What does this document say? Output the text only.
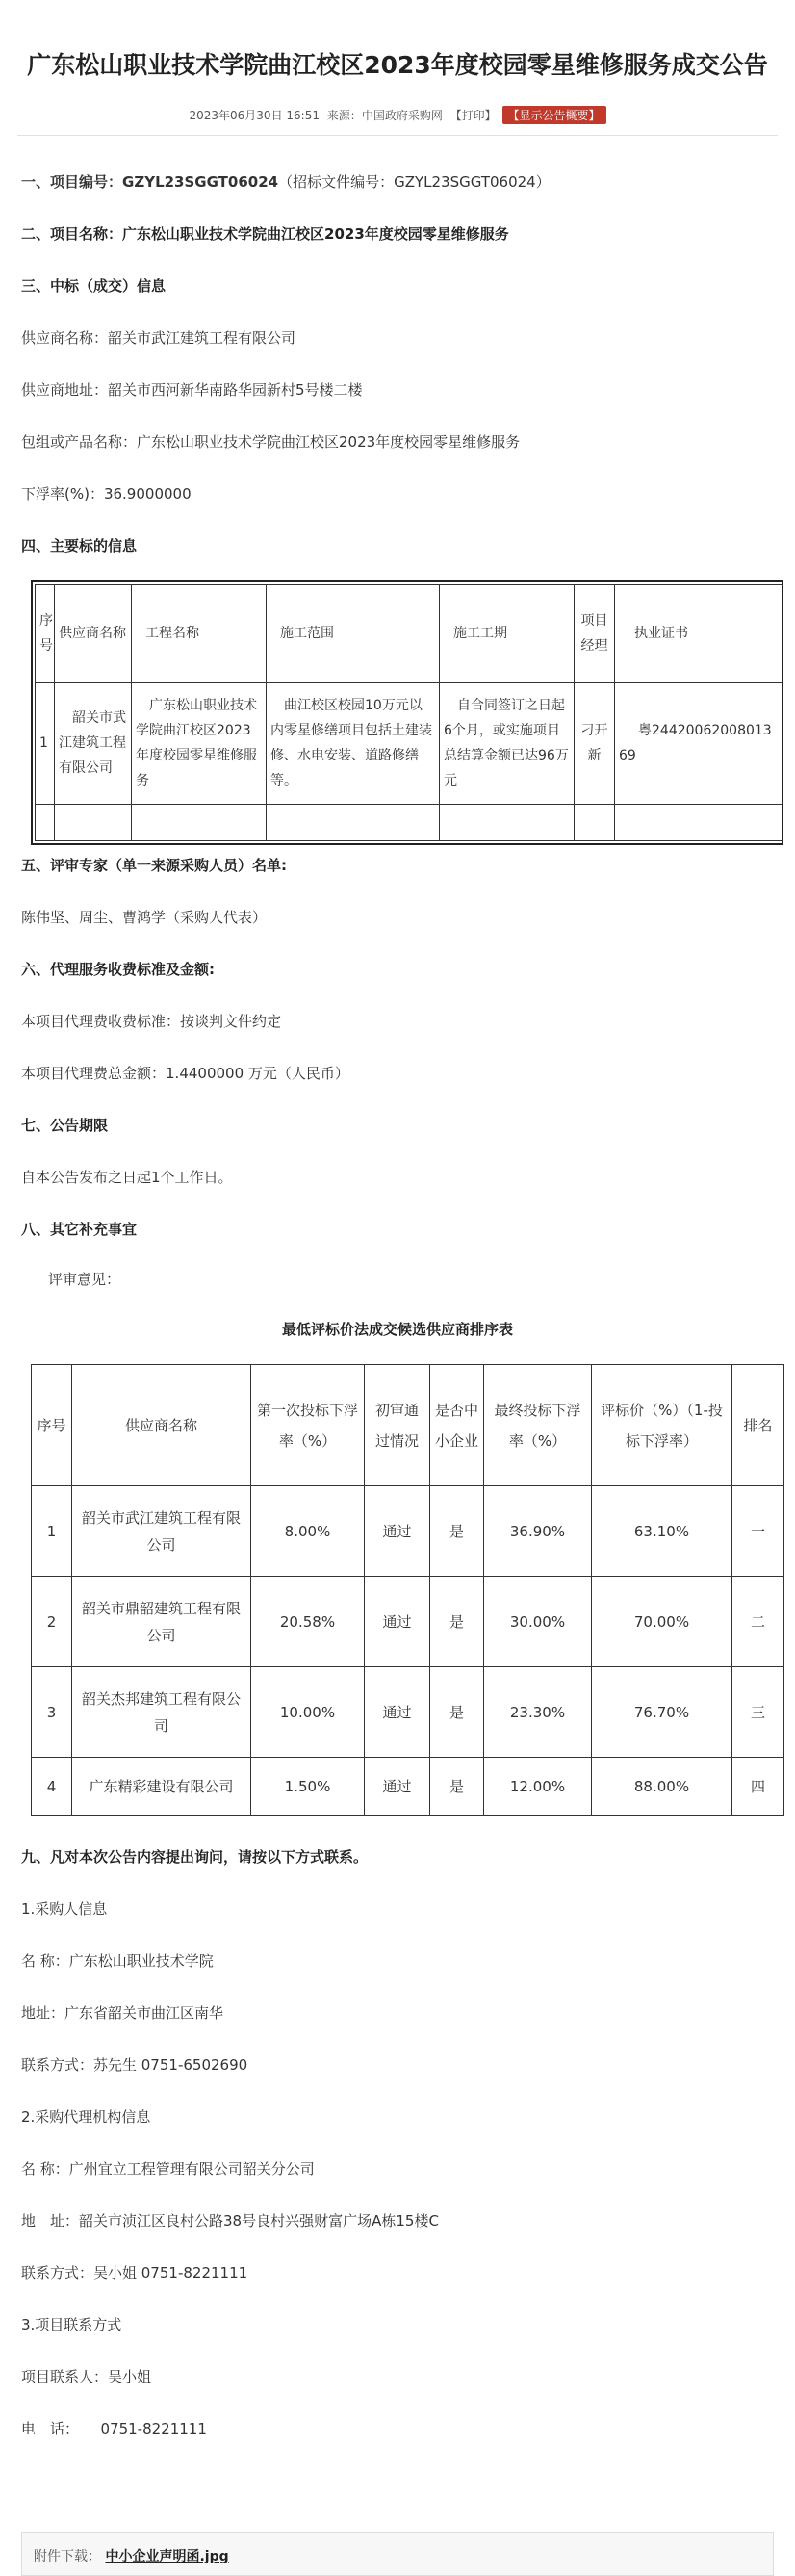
广东松山职业技术学院曲江校区2023年度校园零星维修服务成交公告
2023年06月30日 16:51 来源：中国政府采购网 【打印】 【显示公告概要】
一、项目编号：GZYL23SGGT06024（招标文件编号：GZYL23SGGT06024）
二、项目名称：广东松山职业技术学院曲江校区2023年度校园零星维修服务
三、中标（成交）信息
供应商名称：韶关市武江建筑工程有限公司
供应商地址：韶关市西河新华南路华园新村5号楼二楼
包组或产品名称：广东松山职业技术学院曲江校区2023年度校园零星维修服务
下浮率(%)：36.9000000
四、主要标的信息
序号	供应商名称	工程名称	施工范围	施工工期	项目经理	执业证书
1	韶关市武江建筑工程有限公司	广东松山职业技术学院曲江校区2023年度校园零星维修服务	曲江校区校园10万元以内零星修缮项目包括土建装修、水电安装、道路修缮等。	自合同签订之日起6个月，或实施项目总结算金额已达96万元	刁开新	粤2442006200801369

五、评审专家（单一来源采购人员）名单:
陈伟坚、周尘、曹鸿学（采购人代表）
六、代理服务收费标准及金额:
本项目代理费收费标准：按谈判文件约定
本项目代理费总金额：1.4400000 万元（人民币）
七、公告期限
自本公告发布之日起1个工作日。
八、其它补充事宜
评审意见：
最低评标价法成交候选供应商排序表
序号	供应商名称	第一次投标下浮率（%）	初审通过情况	是否中小企业	最终投标下浮率（%）	评标价（%）（1-投标下浮率）	排名
1	韶关市武江建筑工程有限公司	8.00%	通过	是	36.90%	63.10%	一
2	韶关市鼎韶建筑工程有限公司	20.58%	通过	是	30.00%	70.00%	二
3	韶关杰邦建筑工程有限公司	10.00%	通过	是	23.30%	76.70%	三
4	广东精彩建设有限公司	1.50%	通过	是	12.00%	88.00%	四
九、凡对本次公告内容提出询问，请按以下方式联系。
1.采购人信息
名 称：广东松山职业技术学院
地址：广东省韶关市曲江区南华
联系方式：苏先生 0751-6502690
2.采购代理机构信息
名 称：广州宜立工程管理有限公司韶关分公司
地　址：韶关市浈江区良村公路38号良村兴强财富广场A栋15楼C
联系方式：吴小姐 0751-8221111
3.项目联系方式
项目联系人：吴小姐
电　话：　　0751-8221111
附件下载： 中小企业声明函.jpg
